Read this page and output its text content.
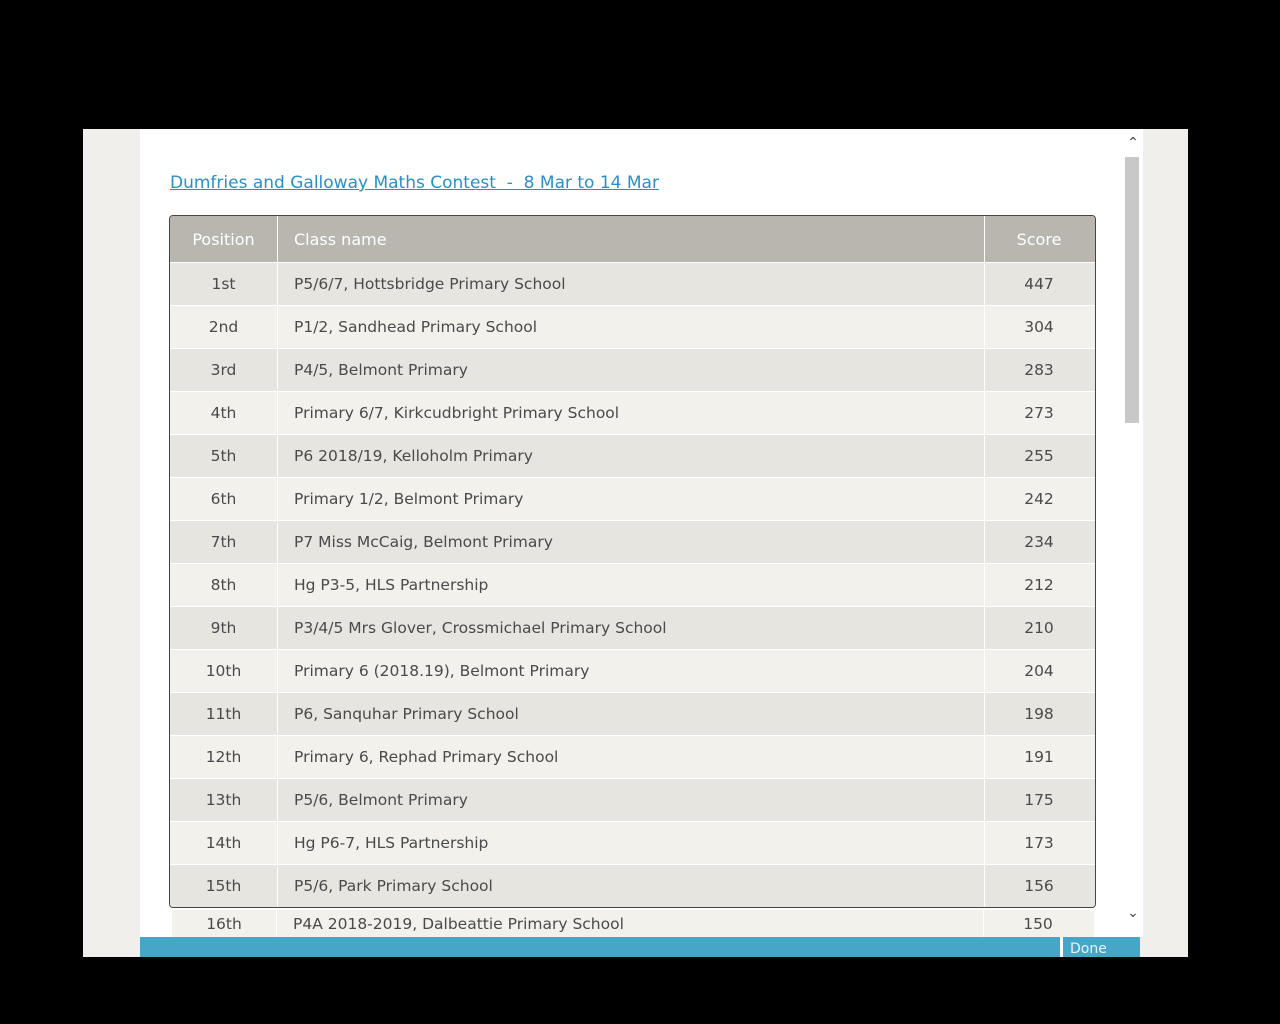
Dumfries and Galloway Maths Contest  -  8 Mar to 14 Mar
Position	Class name	Score
1st	P5/6/7, Hottsbridge Primary School	447
2nd	P1/2, Sandhead Primary School	304
3rd	P4/5, Belmont Primary	283
4th	Primary 6/7, Kirkcudbright Primary School	273
5th	P6 2018/19, Kelloholm Primary	255
6th	Primary 1/2, Belmont Primary	242
7th	P7 Miss McCaig, Belmont Primary	234
8th	Hg P3-5, HLS Partnership	212
9th	P3/4/5 Mrs Glover, Crossmichael Primary School	210
10th	Primary 6 (2018.19), Belmont Primary	204
11th	P6, Sanquhar Primary School	198
12th	Primary 6, Rephad Primary School	191
13th	P5/6, Belmont Primary	175
14th	Hg P6-7, HLS Partnership	173
15th	P5/6, Park Primary School	156
16th	P4A 2018-2019, Dalbeattie Primary School	150
⌃
⌄
Done
